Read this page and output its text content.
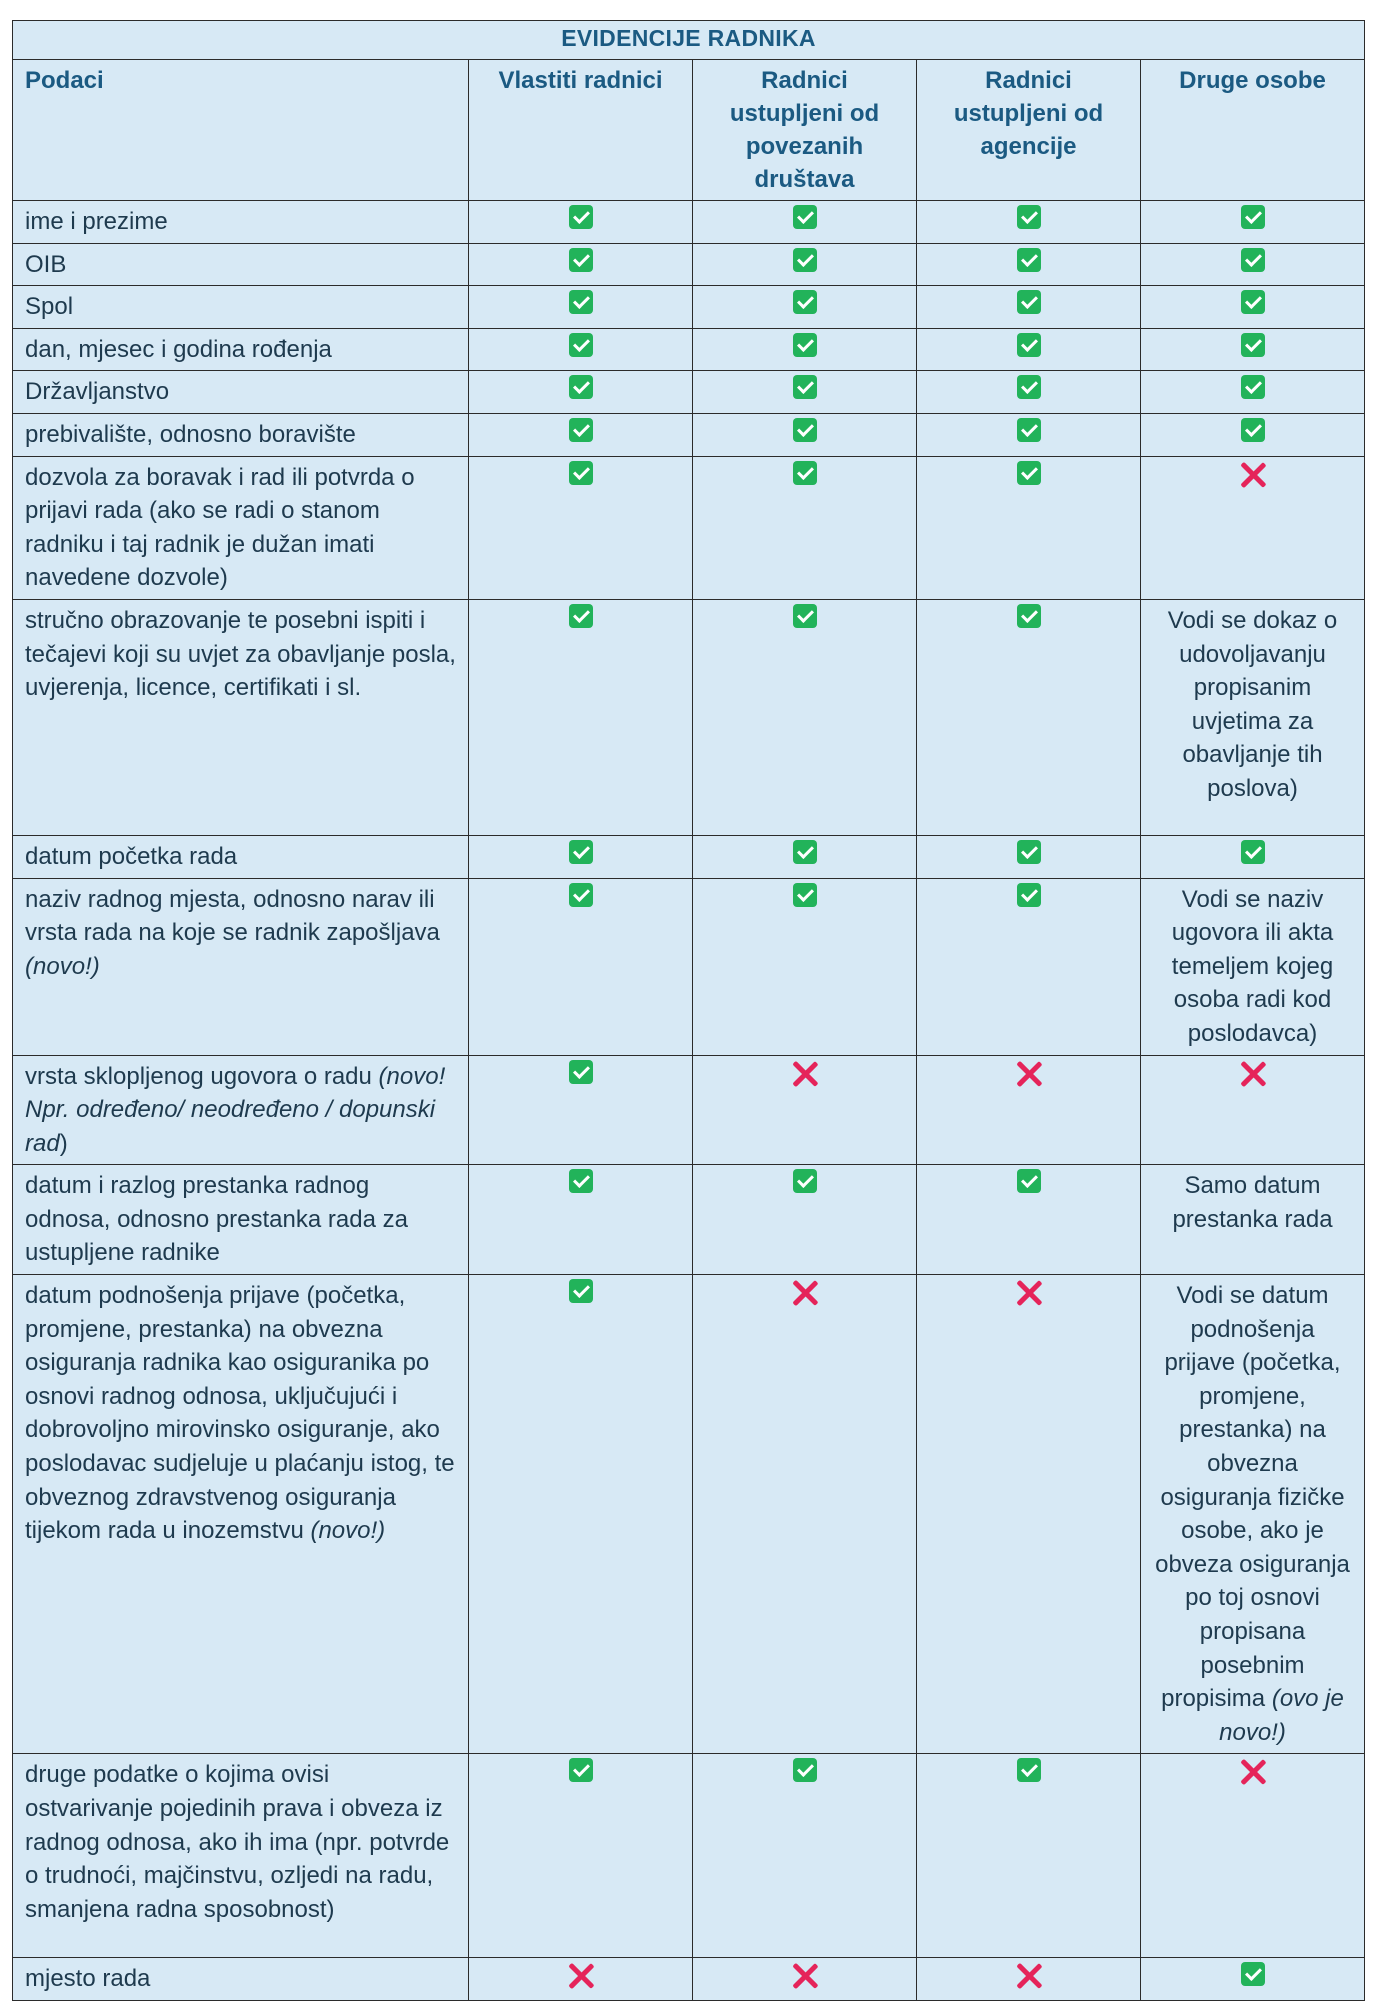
EVIDENCIJE RADNIKA				
Podaci	Vlastiti radnici	Radnici ustupljeni od povezanih društava	Radnici ustupljeni od agencije	Druge osobe
ime i prezime				
OIB				
Spol				
dan, mjesec i godina rođenja				
Državljanstvo				
prebivalište, odnosno boravište				
dozvola za boravak i rad ili potvrda o prijavi rada (ako se radi o stanom radniku i taj radnik je dužan imati navedene dozvole)				
stručno obrazovanje te posebni ispiti i tečajevi koji su uvjet za obavljanje posla, uvjerenja, licence, certifikati i sl.				Vodi se dokaz o udovoljavanju propisanim uvjetima za obavljanje tih poslova)
datum početka rada				
naziv radnog mjesta, odnosno narav ili vrsta rada na koje se radnik zapošljava (novo!)				Vodi se naziv ugovora ili akta temeljem kojeg osoba radi kod poslodavca)
vrsta sklopljenog ugovora o radu (novo! Npr. određeno/ neodređeno / dopunski rad)				
datum i razlog prestanka radnog odnosa, odnosno prestanka rada za ustupljene radnike				Samo datum prestanka rada
datum podnošenja prijave (početka, promjene, prestanka) na obvezna osiguranja radnika kao osiguranika po osnovi radnog odnosa, uključujući i dobrovoljno mirovinsko osiguranje, ako poslodavac sudjeluje u plaćanju istog, te obveznog zdravstvenog osiguranja tijekom rada u inozemstvu (novo!)				Vodi se datum podnošenja prijave (početka, promjene, prestanka) na obvezna osiguranja fizičke osobe, ako je obveza osiguranja po toj osnovi propisana posebnim propisima (ovo je novo!)
druge podatke o kojima ovisi ostvarivanje pojedinih prava i obveza iz radnog odnosa, ako ih ima (npr. potvrde o trudnoći, majčinstvu, ozljedi na radu, smanjena radna sposobnost)				
mjesto rada				
